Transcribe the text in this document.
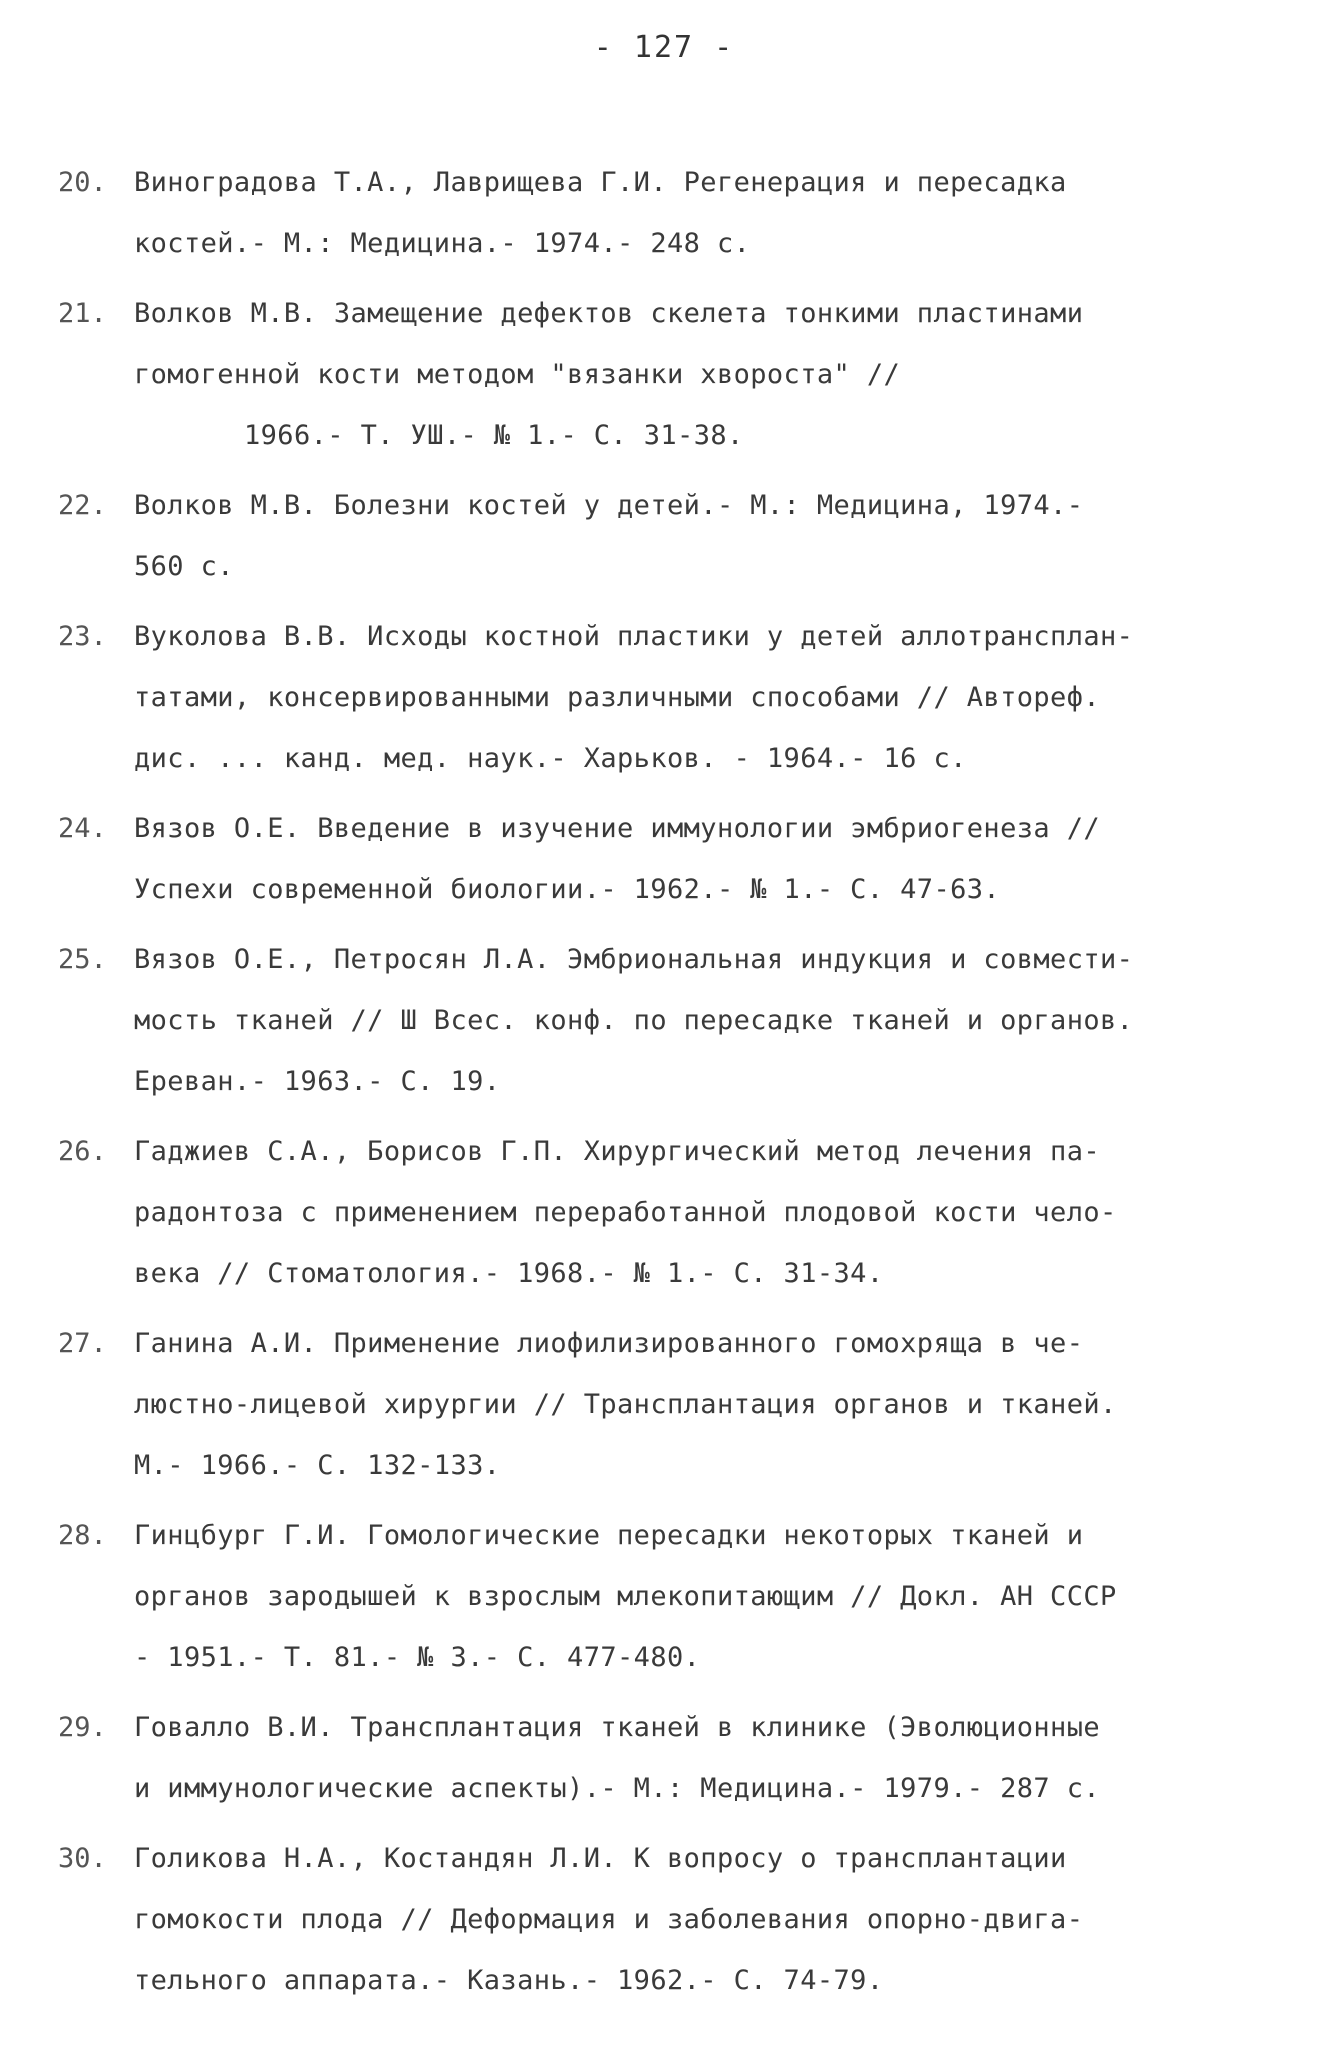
- 127 -
20. Виноградова Т.А., Лаврищева Г.И. Регенерация и пересадка
костей.- М.: Медицина.- 1974.- 248 с.
21. Волков М.В. Замещение дефектов скелета тонкими пластинами
гомогенной кости методом "вязанки хвороста" //
1966.- Т. УШ.- № 1.- С. 31-38.
22. Волков М.В. Болезни костей у детей.- М.: Медицина, 1974.-
560 с.
23. Вуколова В.В. Исходы костной пластики у детей аллотрансплан-
татами, консервированными различными способами // Автореф.
дис. ... канд. мед. наук.- Харьков. - 1964.- 16 с.
24. Вязов О.Е. Введение в изучение иммунологии эмбриогенеза //
Успехи современной биологии.- 1962.- № 1.- С. 47-63.
25. Вязов О.Е., Петросян Л.А. Эмбриональная индукция и совмести-
мость тканей // Ш Всес. конф. по пересадке тканей и органов.
Ереван.- 1963.- С. 19.
26. Гаджиев С.А., Борисов Г.П. Хирургический метод лечения па-
радонтоза с применением переработанной плодовой кости чело-
века // Стоматология.- 1968.- № 1.- С. 31-34.
27. Ганина А.И. Применение лиофилизированного гомохряща в че-
люстно-лицевой хирургии // Трансплантация органов и тканей.
М.- 1966.- С. 132-133.
28. Гинцбург Г.И. Гомологические пересадки некоторых тканей и
органов зародышей к взрослым млекопитающим // Докл. АН СССР
- 1951.- Т. 81.- № 3.- С. 477-480.
29. Говалло В.И. Трансплантация тканей в клинике (Эволюционные
и иммунологические аспекты).- М.: Медицина.- 1979.- 287 с.
30. Голикова Н.А., Костандян Л.И. К вопросу о трансплантации
гомокости плода // Деформация и заболевания опорно-двига-
тельного аппарата.- Казань.- 1962.- С. 74-79.
